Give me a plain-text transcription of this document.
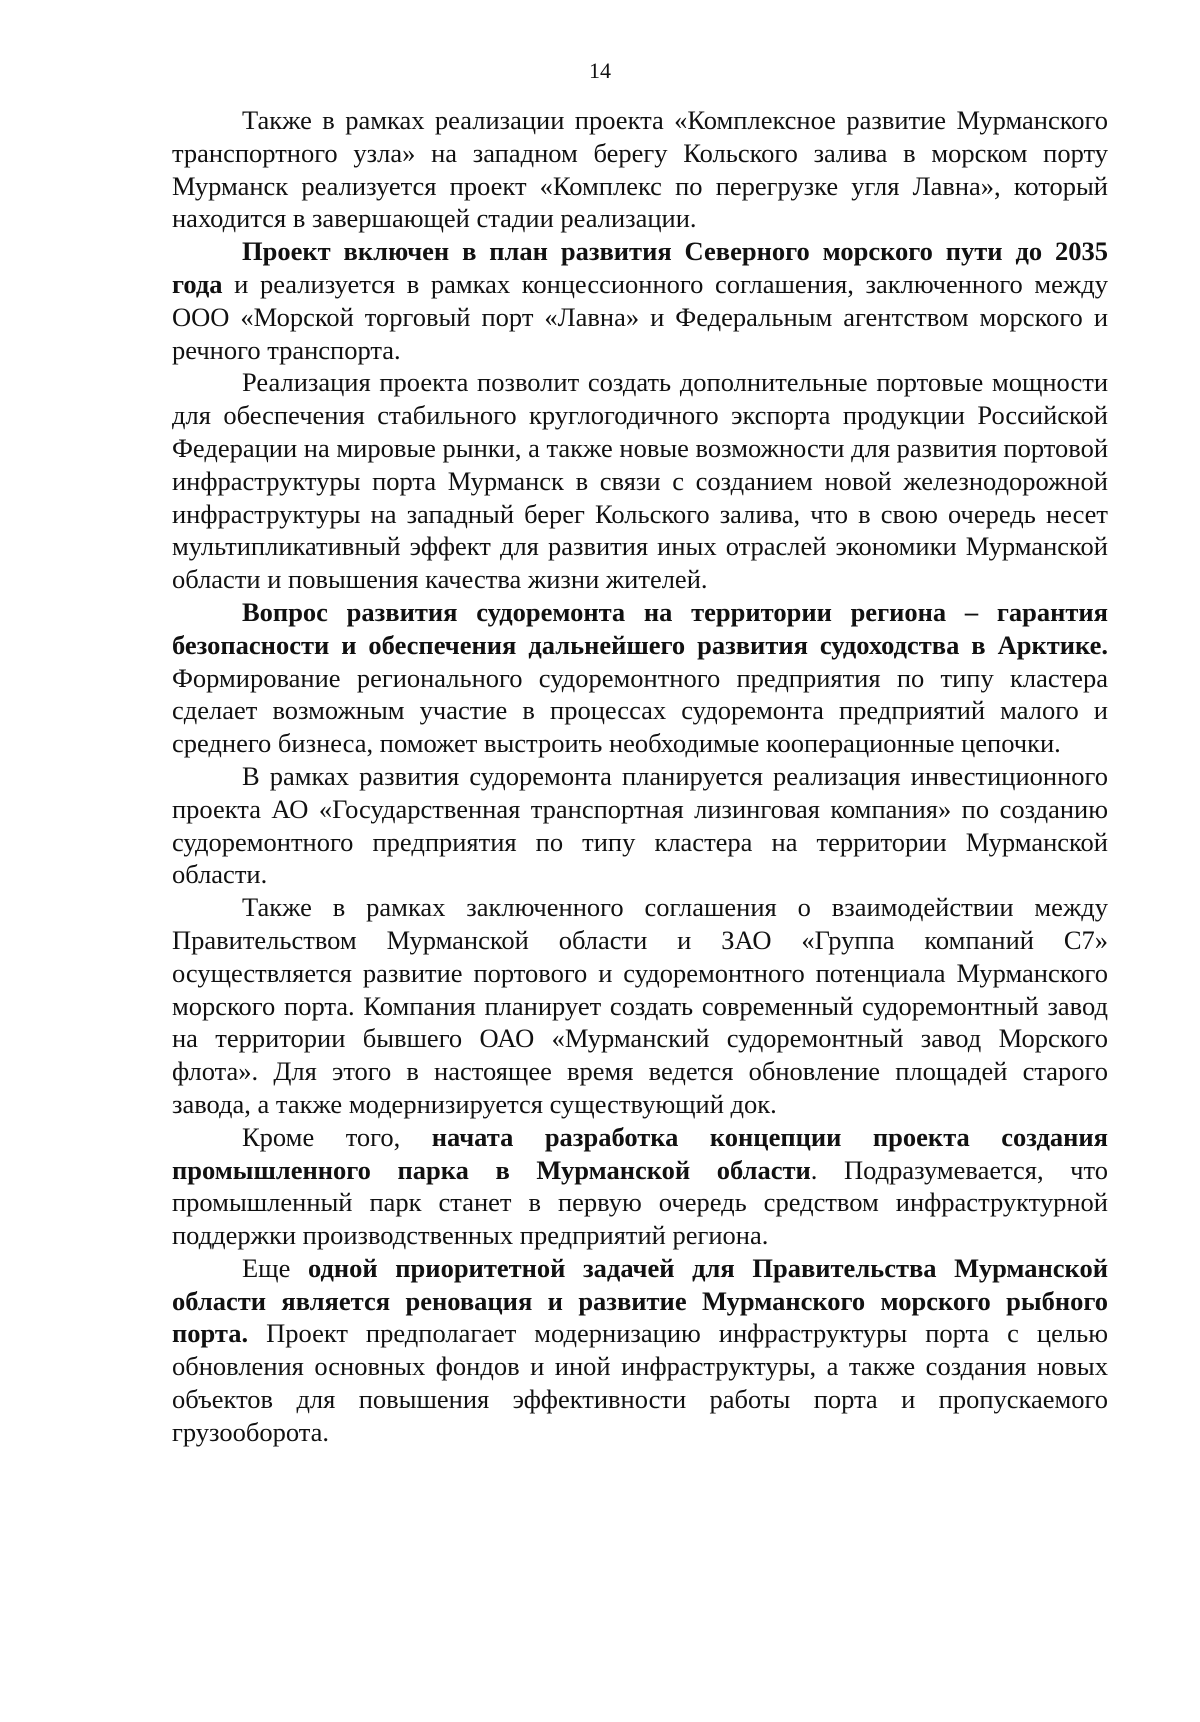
14

Также в рамках реализации проекта «Комплексное развитие Мурманского транспортного узла» на западном берегу Кольского залива в морском порту Мурманск реализуется проект «Комплекс по перегрузке угля Лавна», который находится в завершающей стадии реализации.

Проект включен в план развития Северного морского пути до 2035 года и реализуется в рамках концессионного соглашения, заключенного между ООО «Морской торговый порт «Лавна» и Федеральным агентством морского и речного транспорта.

Реализация проекта позволит создать дополнительные портовые мощности для обеспечения стабильного круглогодичного экспорта продукции Российской Федерации на мировые рынки, а также новые возможности для развития портовой инфраструктуры порта Мурманск в связи с созданием новой железнодорожной инфраструктуры на западный берег Кольского залива, что в свою очередь несет мультипликативный эффект для развития иных отраслей экономики Мурманской области и повышения качества жизни жителей.

Вопрос развития судоремонта на территории региона – гарантия безопасности и обеспечения дальнейшего развития судоходства в Арктике. Формирование регионального судоремонтного предприятия по типу кластера сделает возможным участие в процессах судоремонта предприятий малого и среднего бизнеса, поможет выстроить необходимые кооперационные цепочки.

В рамках развития судоремонта планируется реализация инвестиционного проекта АО «Государственная транспортная лизинговая компания» по созданию судоремонтного предприятия по типу кластера на территории Мурманской области.

Также в рамках заключенного соглашения о взаимодействии между Правительством Мурманской области и ЗАО «Группа компаний С7» осуществляется развитие портового и судоремонтного потенциала Мурманского морского порта. Компания планирует создать современный судоремонтный завод на территории бывшего ОАО «Мурманский судоремонтный завод Морского флота». Для этого в настоящее время ведется обновление площадей старого завода, а также модернизируется существующий док.

Кроме того, начата разработка концепции проекта создания промышленного парка в Мурманской области. Подразумевается, что промышленный парк станет в первую очередь средством инфраструктурной поддержки производственных предприятий региона.

Еще одной приоритетной задачей для Правительства Мурманской области является реновация и развитие Мурманского морского рыбного порта. Проект предполагает модернизацию инфраструктуры порта с целью обновления основных фондов и иной инфраструктуры, а также создания новых объектов для повышения эффективности работы порта и пропускаемого грузооборота.
